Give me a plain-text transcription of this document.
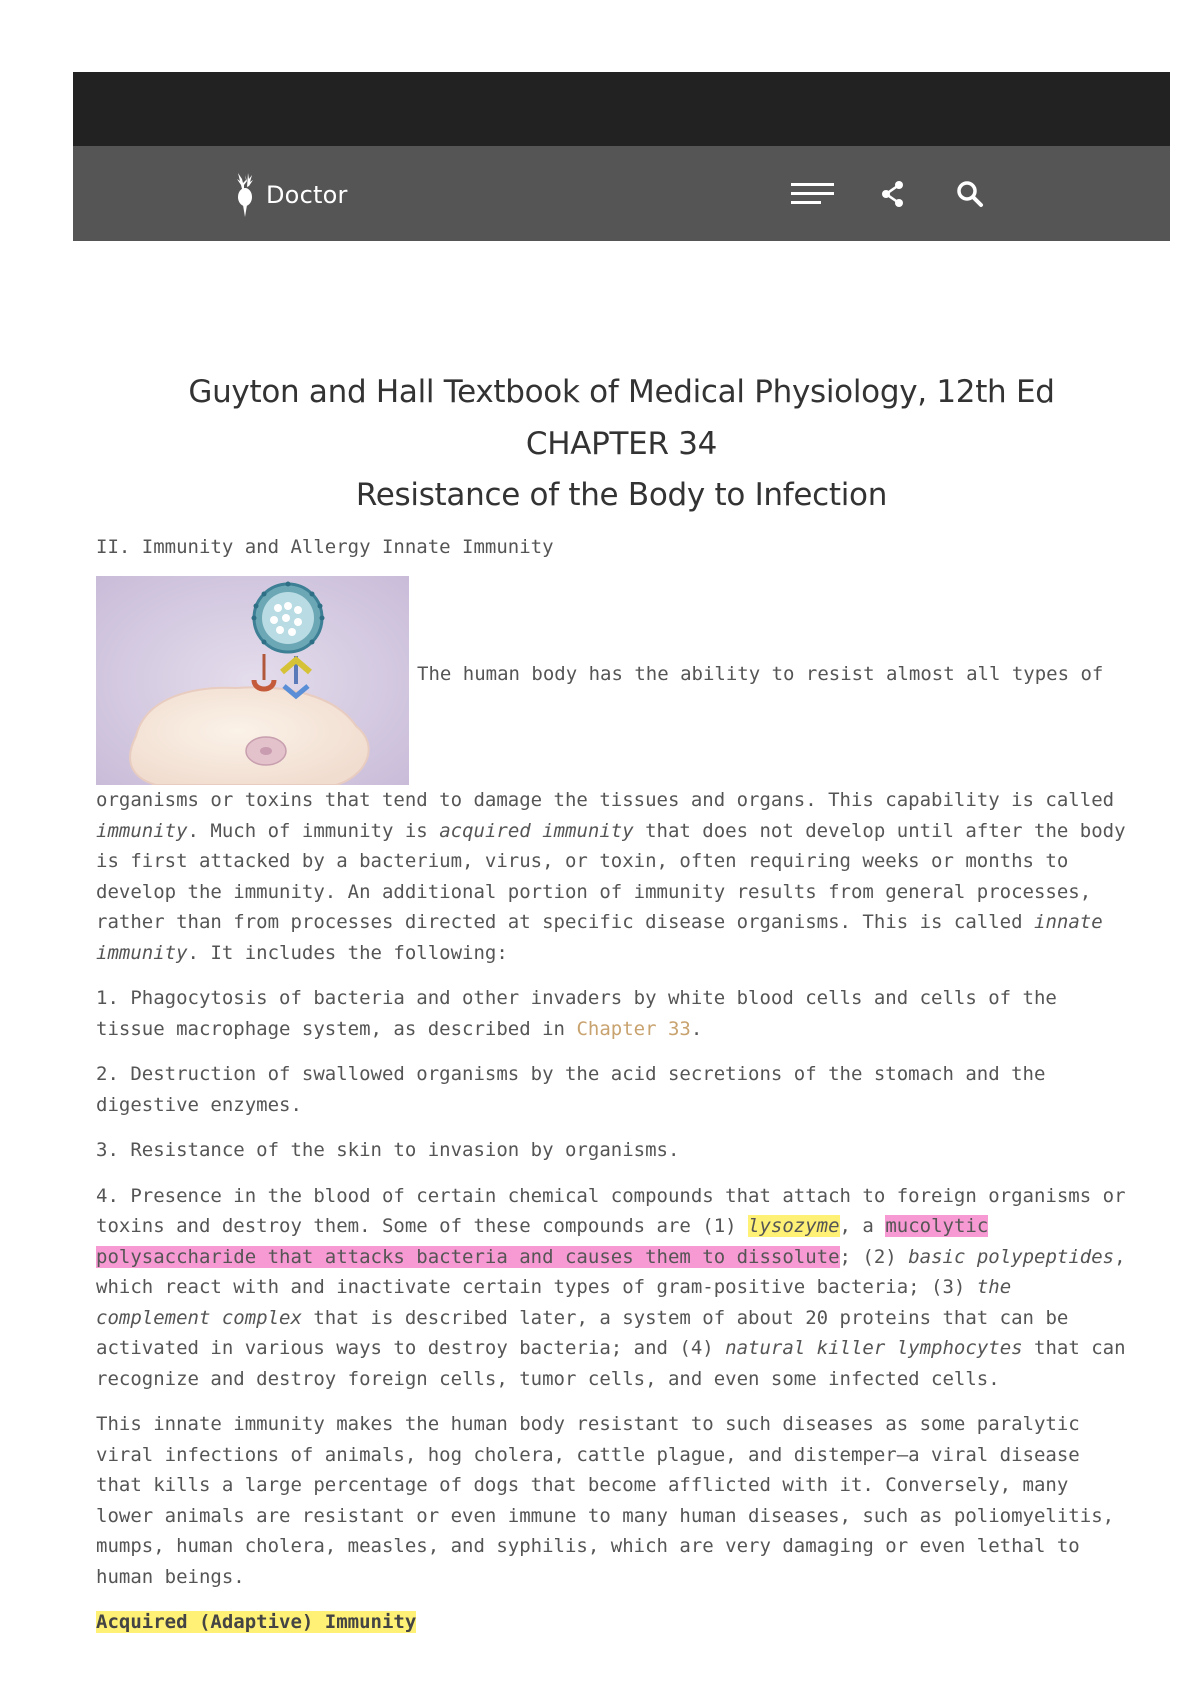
Doctor
Guyton and Hall Textbook of Medical Physiology, 12th Ed
CHAPTER 34
Resistance of the Body to Infection

II. Immunity and Allergy Innate Immunity

The human body has the ability to resist almost all types of

organisms or toxins that tend to damage the tissues and organs. This capability is called immunity. Much of immunity is acquired immunity that does not develop until after the body is first attacked by a bacterium, virus, or toxin, often requiring weeks or months to develop the immunity. An additional portion of immunity results from general processes, rather than from processes directed at specific disease organisms. This is called innate immunity. It includes the following:

1. Phagocytosis of bacteria and other invaders by white blood cells and cells of the tissue macrophage system, as described in Chapter 33.

2. Destruction of swallowed organisms by the acid secretions of the stomach and the digestive enzymes.

3. Resistance of the skin to invasion by organisms.

4. Presence in the blood of certain chemical compounds that attach to foreign organisms or toxins and destroy them. Some of these compounds are (1) lysozyme, a mucolytic polysaccharide that attacks bacteria and causes them to dissolute; (2) basic polypeptides, which react with and inactivate certain types of gram-positive bacteria; (3) the complement complex that is described later, a system of about 20 proteins that can be activated in various ways to destroy bacteria; and (4) natural killer lymphocytes that can recognize and destroy foreign cells, tumor cells, and even some infected cells.

This innate immunity makes the human body resistant to such diseases as some paralytic viral infections of animals, hog cholera, cattle plague, and distemper—a viral disease that kills a large percentage of dogs that become afflicted with it. Conversely, many lower animals are resistant or even immune to many human diseases, such as poliomyelitis, mumps, human cholera, measles, and syphilis, which are very damaging or even lethal to human beings.

Acquired (Adaptive) Immunity
